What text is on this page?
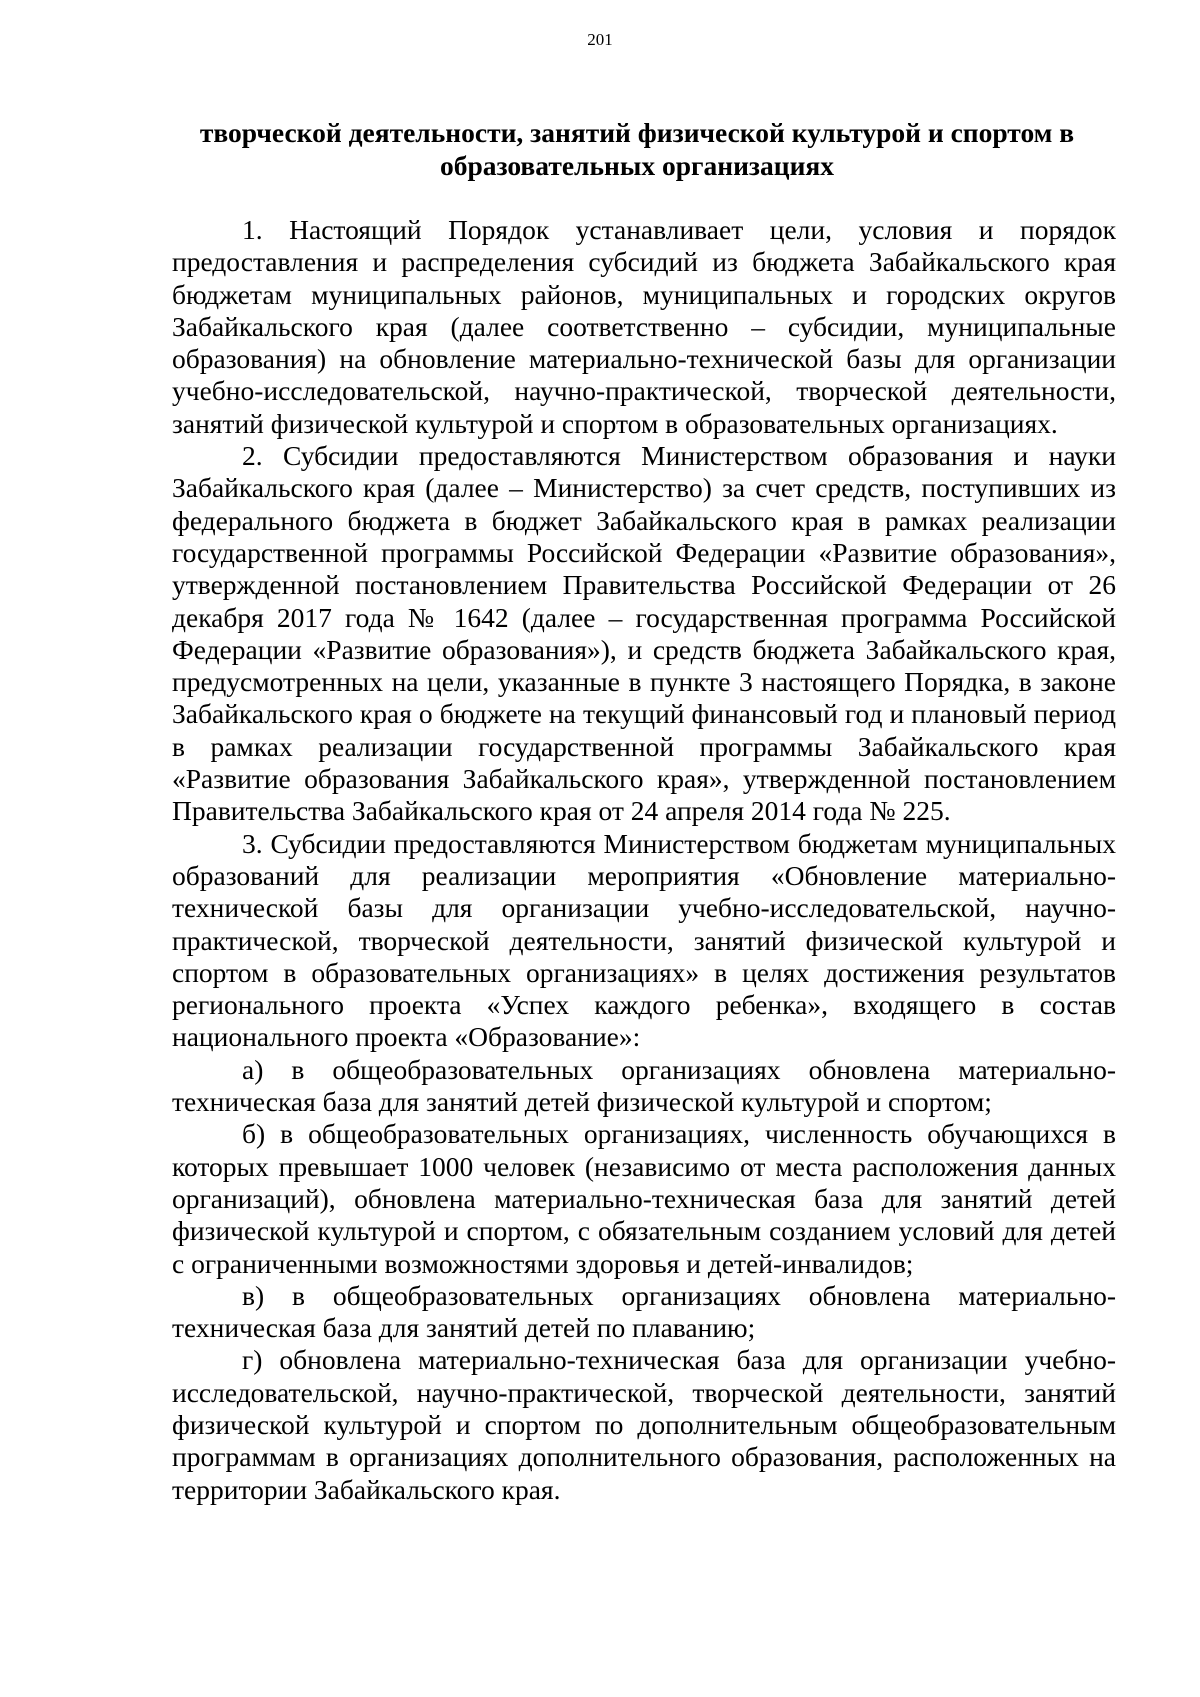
201
творческой деятельности, занятий физической культурой и спортом в образовательных организациях

1. Настоящий Порядок устанавливает цели, условия и порядок предоставления и распределения субсидий из бюджета Забайкальского края бюджетам муниципальных районов, муниципальных и городских округов Забайкальского края (далее соответственно – субсидии, муниципальные образования) на обновление материально-технической базы для организации учебно-исследовательской, научно-практической, творческой деятельности, занятий физической культурой и спортом в образовательных организациях.

2. Субсидии предоставляются Министерством образования и науки Забайкальского края (далее – Министерство) за счет средств, поступивших из федерального бюджета в бюджет Забайкальского края в рамках реализации государственной программы Российской Федерации «Развитие образования», утвержденной постановлением Правительства Российской Федерации от 26 декабря 2017 года № 1642 (далее – государственная программа Российской Федерации «Развитие образования»), и средств бюджета Забайкальского края, предусмотренных на цели, указанные в пункте 3 настоящего Порядка, в законе Забайкальского края о бюджете на текущий финансовый год и плановый период в рамках реализации государственной программы Забайкальского края «Развитие образования Забайкальского края», утвержденной постановлением Правительства Забайкальского края от 24 апреля 2014 года № 225.

3. Субсидии предоставляются Министерством бюджетам муниципальных образований для реализации мероприятия «Обновление материально-технической базы для организации учебно-исследовательской, научно-практической, творческой деятельности, занятий физической культурой и спортом в образовательных организациях» в целях достижения результатов регионального проекта «Успех каждого ребенка», входящего в состав национального проекта «Образование»:

а) в общеобразовательных организациях обновлена материально-техническая база для занятий детей физической культурой и спортом;

б) в общеобразовательных организациях, численность обучающихся в которых превышает 1000 человек (независимо от места расположения данных организаций), обновлена материально-техническая база для занятий детей физической культурой и спортом, с обязательным созданием условий для детей с ограниченными возможностями здоровья и детей-инвалидов;

в) в общеобразовательных организациях обновлена материально-техническая база для занятий детей по плаванию;

г) обновлена материально-техническая база для организации учебно-исследовательской, научно-практической, творческой деятельности, занятий физической культурой и спортом по дополнительным общеобразовательным программам в организациях дополнительного образования, расположенных на территории Забайкальского края.
